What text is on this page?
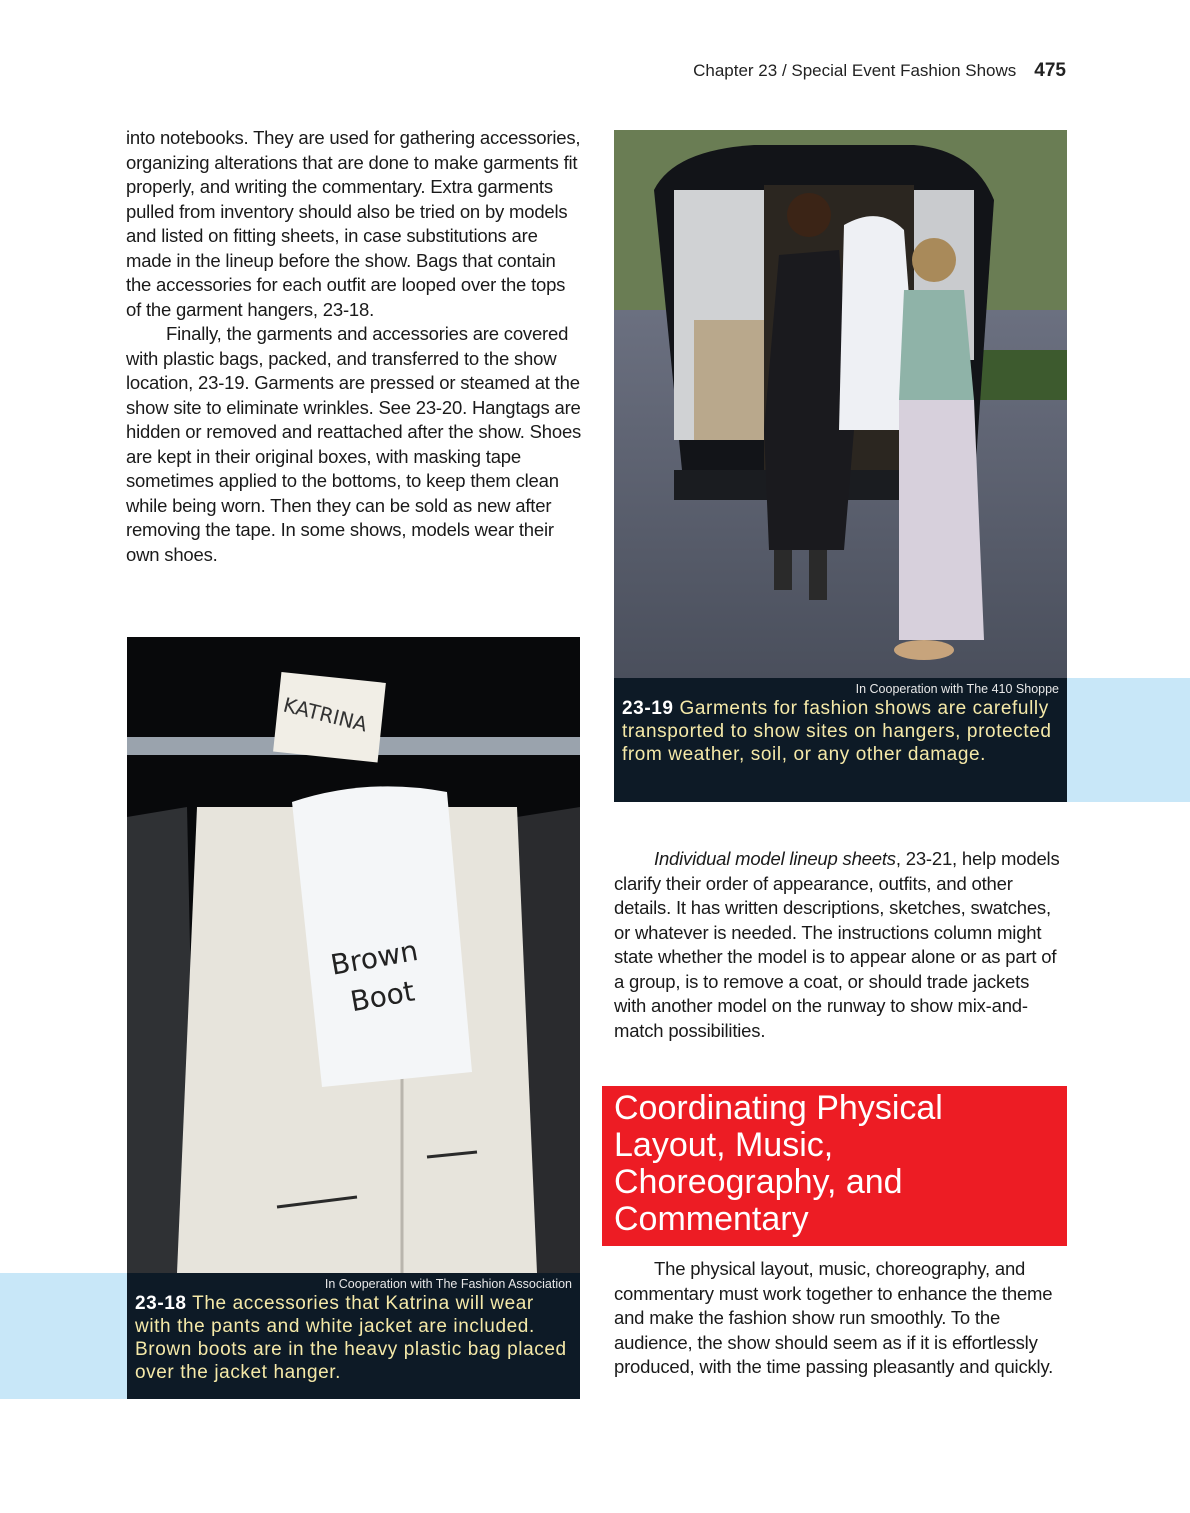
Chapter 23 / Special Event Fashion Shows 475

into notebooks. They are used for gathering accessories, organizing alterations that are done to make garments fit properly, and writing the commentary. Extra garments pulled from inventory should also be tried on by models and listed on fitting sheets, in case substitutions are made in the lineup before the show. Bags that contain the accessories for each outfit are looped over the tops of the garment hangers, 23-18.

Finally, the garments and accessories are covered with plastic bags, packed, and transferred to the show location, 23-19. Garments are pressed or steamed at the show site to eliminate wrinkles. See 23-20. Hangtags are hidden or removed and reattached after the show. Shoes are kept in their original boxes, with masking tape sometimes applied to the bottoms, to keep them clean while being worn. Then they can be sold as new after removing the tape. In some shows, models wear their own shoes.

In Cooperation with The 410 Shoppe
23-19 Garments for fashion shows are carefully transported to show sites on hangers, protected from weather, soil, or any other damage.

Individual model lineup sheets, 23-21, help models clarify their order of appearance, outfits, and other details. It has written descriptions, sketches, swatches, or whatever is needed. The instructions column might state whether the model is to appear alone or as part of a group, is to remove a coat, or should trade jackets with another model on the runway to show mix-and-match possibilities.

Coordinating Physical Layout, Music, Choreography, and Commentary

The physical layout, music, choreography, and commentary must work together to enhance the theme and make the fashion show run smoothly. To the audience, the show should seem as if it is effortlessly produced, with the time passing pleasantly and quickly.

KATRINA
Brown
Boot
In Cooperation with The Fashion Association
23-18 The accessories that Katrina will wear with the pants and white jacket are included. Brown boots are in the heavy plastic bag placed over the jacket hanger.
